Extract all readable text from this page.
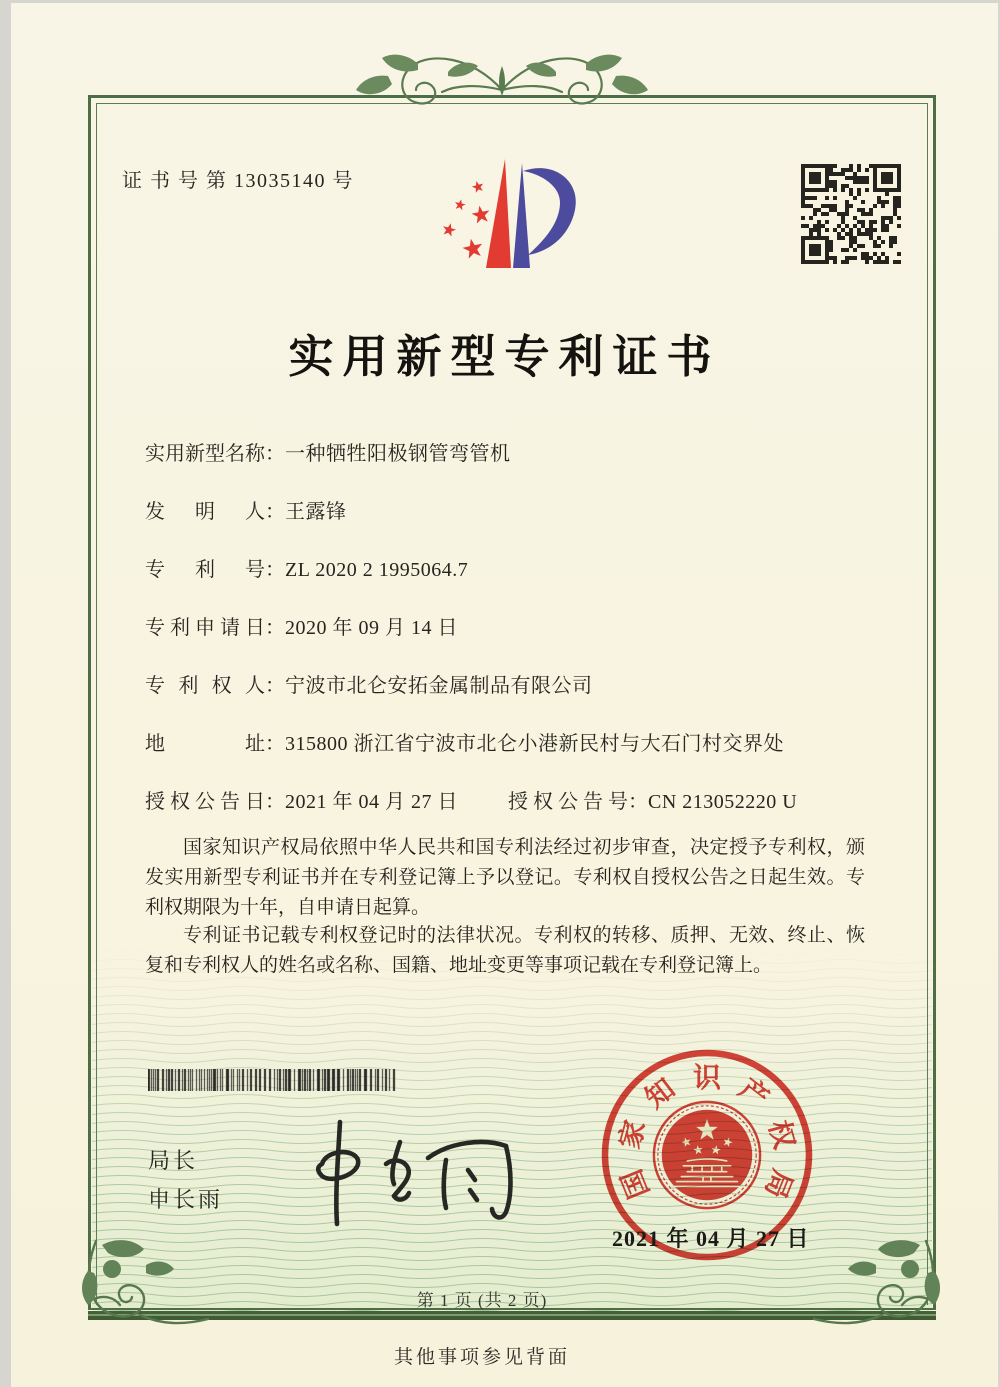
证 书 号 第 13035140 号
实用新型专利证书
实用新型名称：一种牺牲阳极钢管弯管机
发明人：王露锋
专利号：ZL 2020 2 1995064.7
专利申请日：2020 年 09 月 14 日
专利权人：宁波市北仑安拓金属制品有限公司
地址：315800 浙江省宁波市北仑小港新民村与大石门村交界处
授权公告日：2021 年 04 月 27 日	授权公告号：CN 213052220 U
国家知识产权局依照中华人民共和国专利法经过初步审查，决定授予专利权，颁发实用新型专利证书并在专利登记簿上予以登记。专利权自授权公告之日起生效。专利权期限为十年，自申请日起算。
专利证书记载专利权登记时的法律状况。专利权的转移、质押、无效、终止、恢复和专利权人的姓名或名称、国籍、地址变更等事项记载在专利登记簿上。
局长
申长雨	国
家
知 识 产
权
局
2021 年 04 月 27 日
第 1 页 (共 2 页)
其他事项参见背面
